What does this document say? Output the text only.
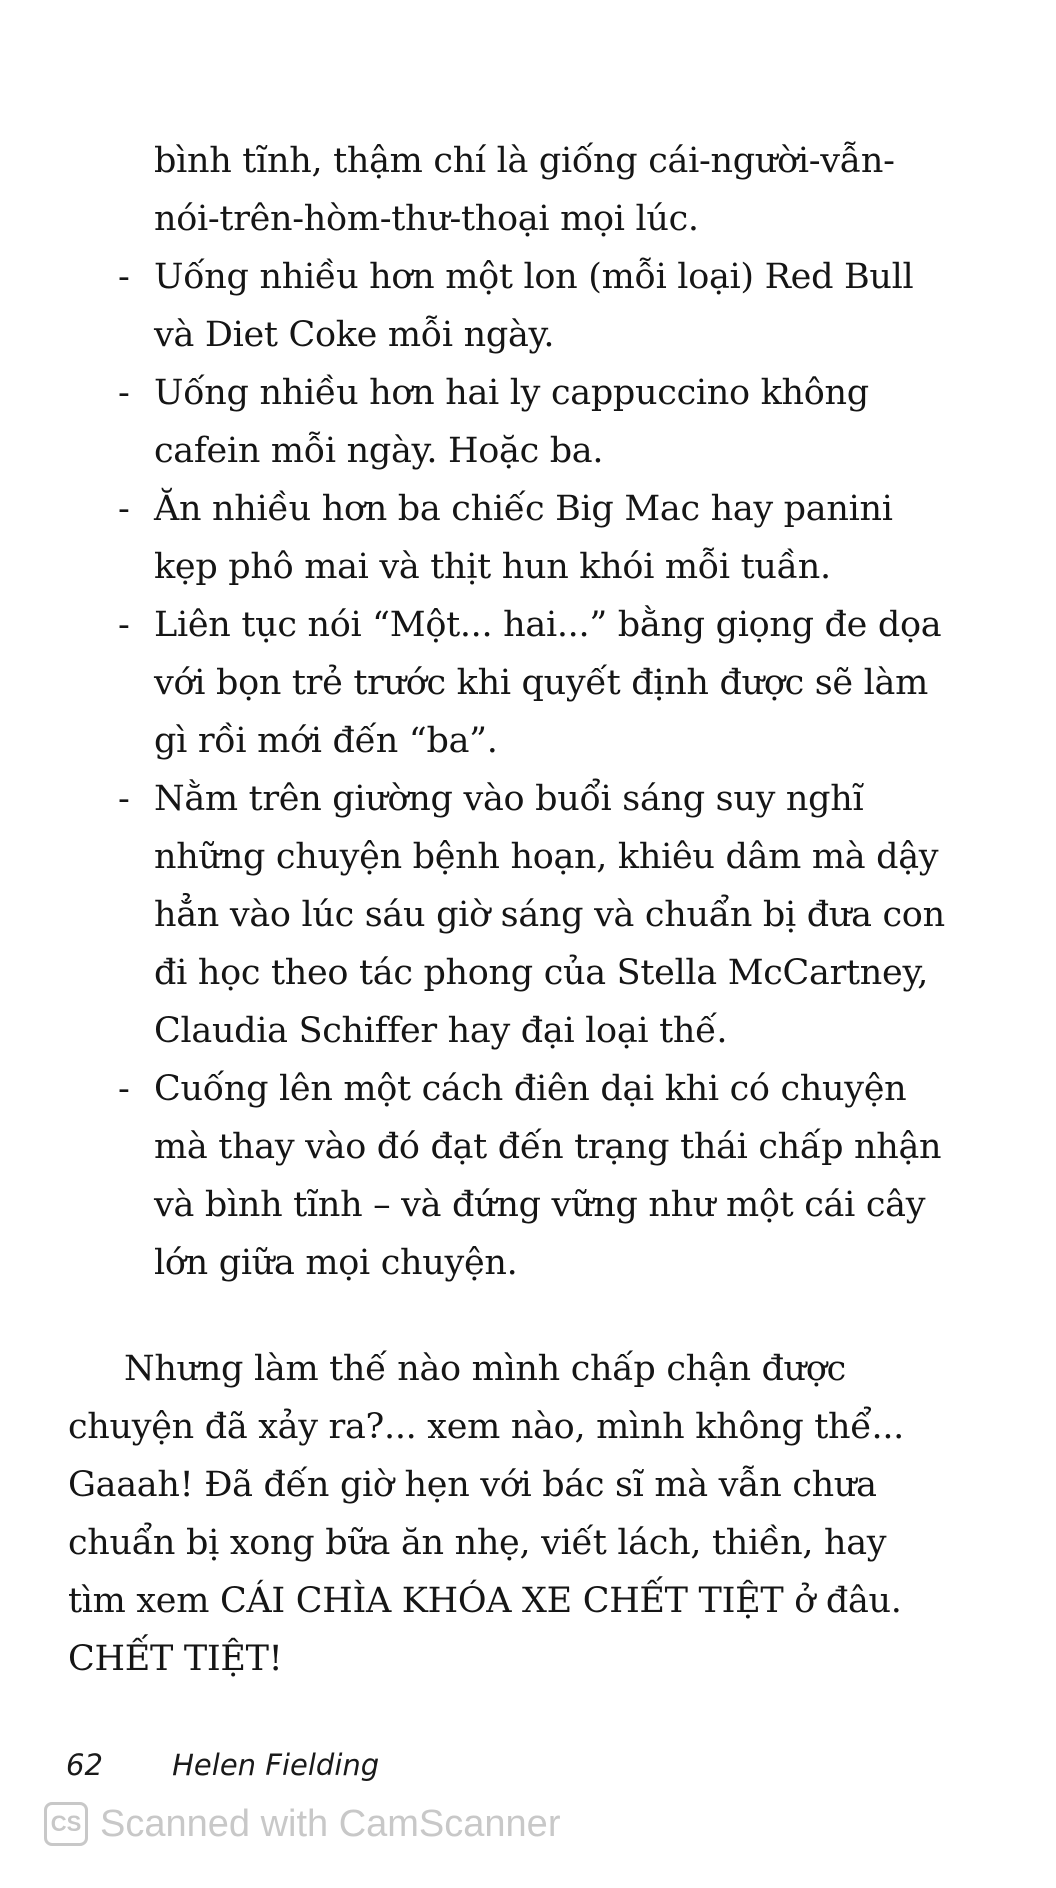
bình tĩnh, thậm chí là giống cái-người-vẫn-nói-trên-hòm-thư-thoại mọi lúc.
- Uống nhiều hơn một lon (mỗi loại) Red Bull và Diet Coke mỗi ngày.
- Uống nhiều hơn hai ly cappuccino không cafein mỗi ngày. Hoặc ba.
- Ăn nhiều hơn ba chiếc Big Mac hay panini kẹp phô mai và thịt hun khói mỗi tuần.
- Liên tục nói “Một... hai...” bằng giọng đe dọa với bọn trẻ trước khi quyết định được sẽ làm gì rồi mới đến “ba”.
- Nằm trên giường vào buổi sáng suy nghĩ những chuyện bệnh hoạn, khiêu dâm mà dậy hẳn vào lúc sáu giờ sáng và chuẩn bị đưa con đi học theo tác phong của Stella McCartney, Claudia Schiffer hay đại loại thế.
- Cuống lên một cách điên dại khi có chuyện mà thay vào đó đạt đến trạng thái chấp nhận và bình tĩnh – và đứng vững như một cái cây lớn giữa mọi chuyện.

Nhưng làm thế nào mình chấp chận được chuyện đã xảy ra?... xem nào, mình không thể... Gaaah! Đã đến giờ hẹn với bác sĩ mà vẫn chưa chuẩn bị xong bữa ăn nhẹ, viết lách, thiền, hay tìm xem CÁI CHÌA KHÓA XE CHẾT TIỆT ở đâu. CHẾT TIỆT!

62 Helen Fielding
CS Scanned with CamScanner
